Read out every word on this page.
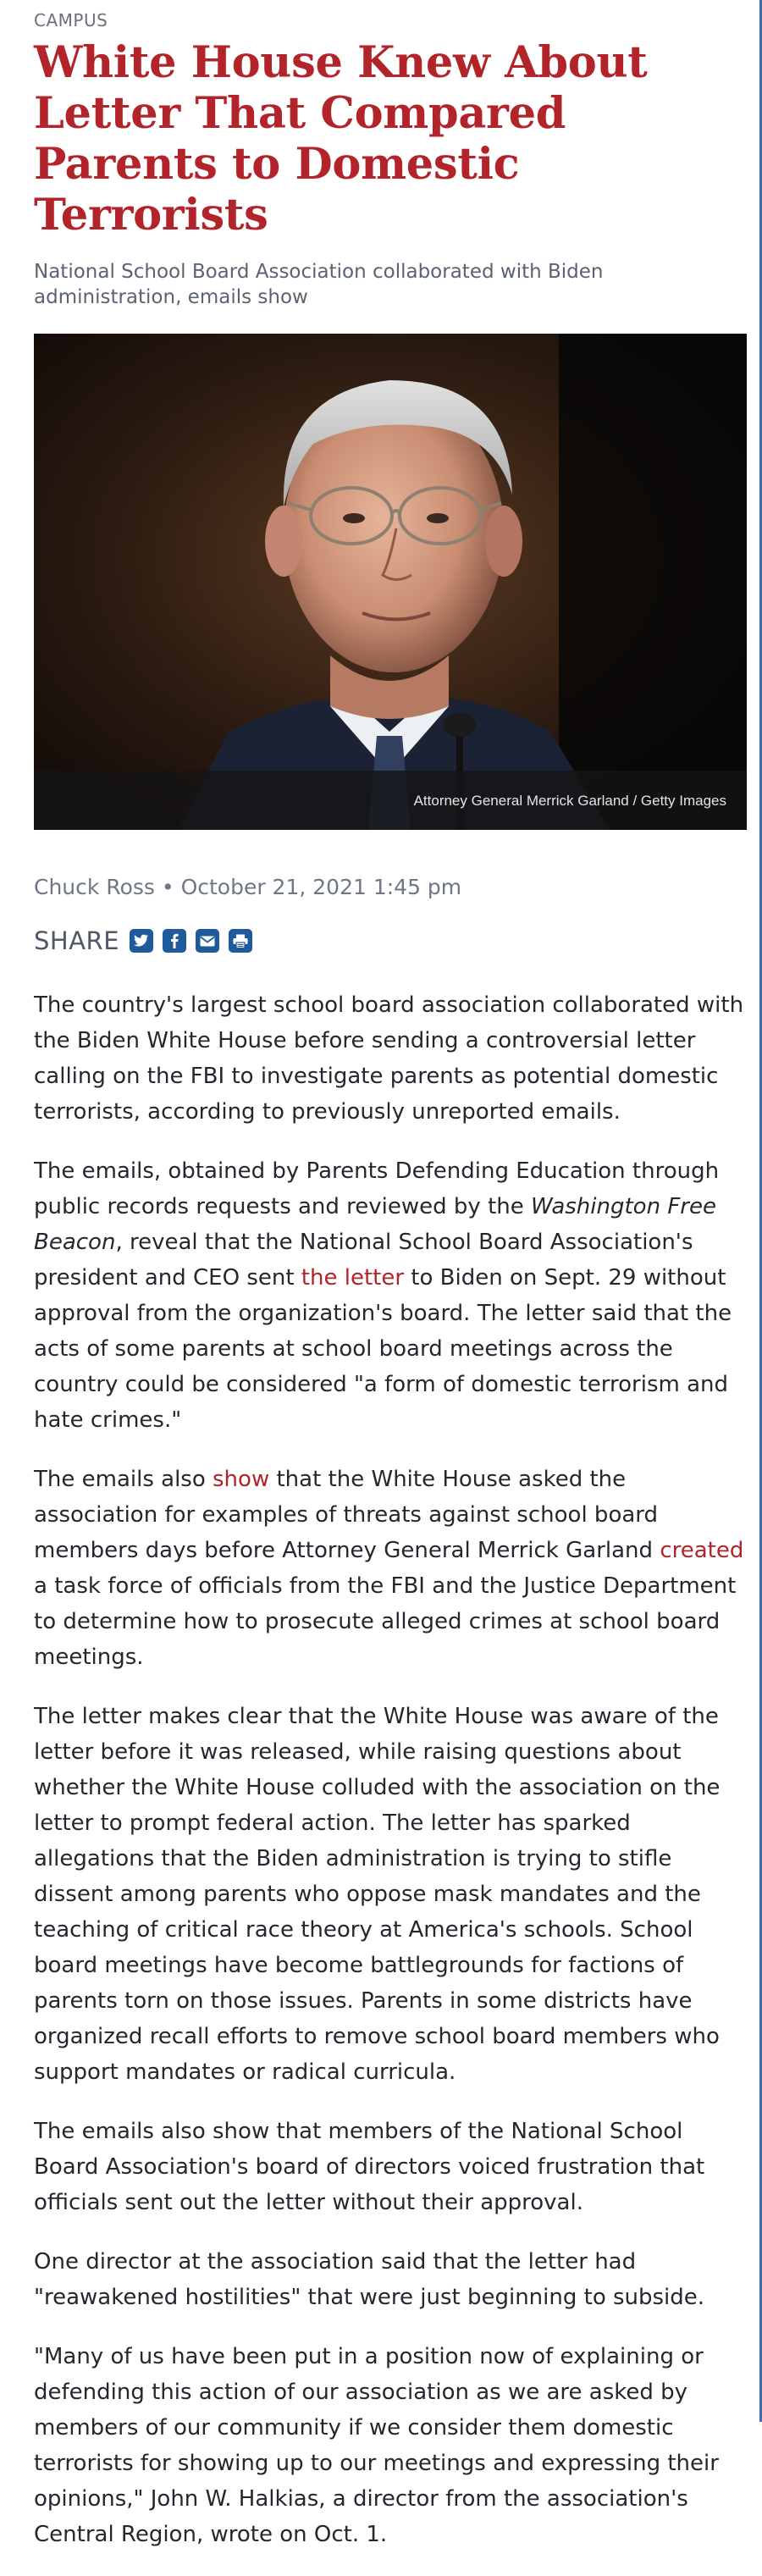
CAMPUS
White House Knew About Letter That Compared Parents to Domestic Terrorists
National School Board Association collaborated with Biden administration, emails show
Attorney General Merrick Garland / Getty Images
Chuck Ross • October 21, 2021 1:45 pm
SHARE

The country's largest school board association collaborated with the Biden White House before sending a controversial letter calling on the FBI to investigate parents as potential domestic terrorists, according to previously unreported emails.

The emails, obtained by Parents Defending Education through public records requests and reviewed by the Washington Free Beacon, reveal that the National School Board Association's president and CEO sent the letter to Biden on Sept. 29 without approval from the organization's board. The letter said that the acts of some parents at school board meetings across the country could be considered "a form of domestic terrorism and hate crimes."

The emails also show that the White House asked the association for examples of threats against school board members days before Attorney General Merrick Garland created a task force of officials from the FBI and the Justice Department to determine how to prosecute alleged crimes at school board meetings.

The letter makes clear that the White House was aware of the letter before it was released, while raising questions about whether the White House colluded with the association on the letter to prompt federal action. The letter has sparked allegations that the Biden administration is trying to stifle dissent among parents who oppose mask mandates and the teaching of critical race theory at America's schools. School board meetings have become battlegrounds for factions of parents torn on those issues. Parents in some districts have organized recall efforts to remove school board members who support mandates or radical curricula.

The emails also show that members of the National School Board Association's board of directors voiced frustration that officials sent out the letter without their approval.

One director at the association said that the letter had "reawakened hostilities" that were just beginning to subside.

"Many of us have been put in a position now of explaining or defending this action of our association as we are asked by members of our community if we consider them domestic terrorists for showing up to our meetings and expressing their opinions," John W. Halkias, a director from the association's Central Region, wrote on Oct. 1.
